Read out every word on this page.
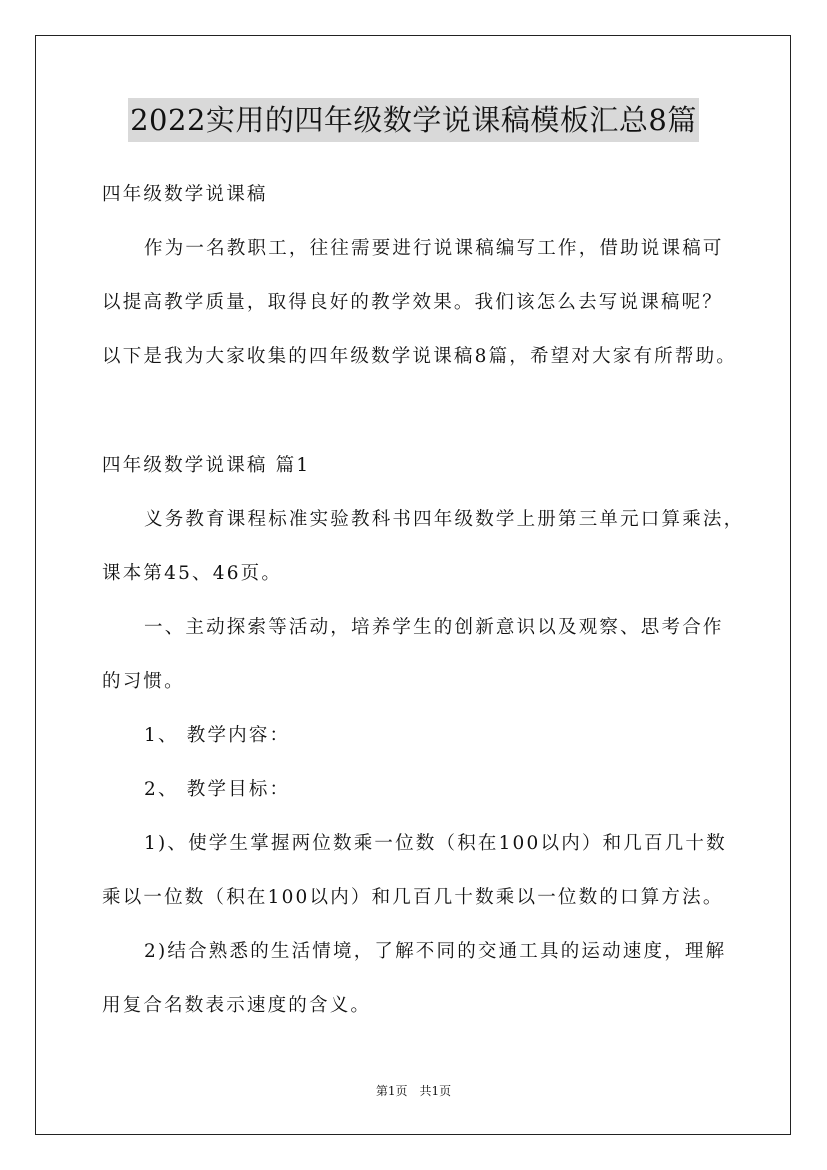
2022实用的四年级数学说课稿模板汇总8篇
四年级数学说课稿
作为一名教职工，往往需要进行说课稿编写工作，借助说课稿可
以提高教学质量，取得良好的教学效果。我们该怎么去写说课稿呢？
以下是我为大家收集的四年级数学说课稿8篇，希望对大家有所帮助。
四年级数学说课稿 篇1
义务教育课程标准实验教科书四年级数学上册第三单元口算乘法，
课本第45、46页。
一、主动探索等活动，培养学生的创新意识以及观察、思考合作
的习惯。
1、 教学内容：
2、 教学目标：
1)、使学生掌握两位数乘一位数（积在100以内）和几百几十数
乘以一位数（积在100以内）和几百几十数乘以一位数的口算方法。
2)结合熟悉的生活情境，了解不同的交通工具的运动速度，理解
用复合名数表示速度的含义。
第1页　共1页
